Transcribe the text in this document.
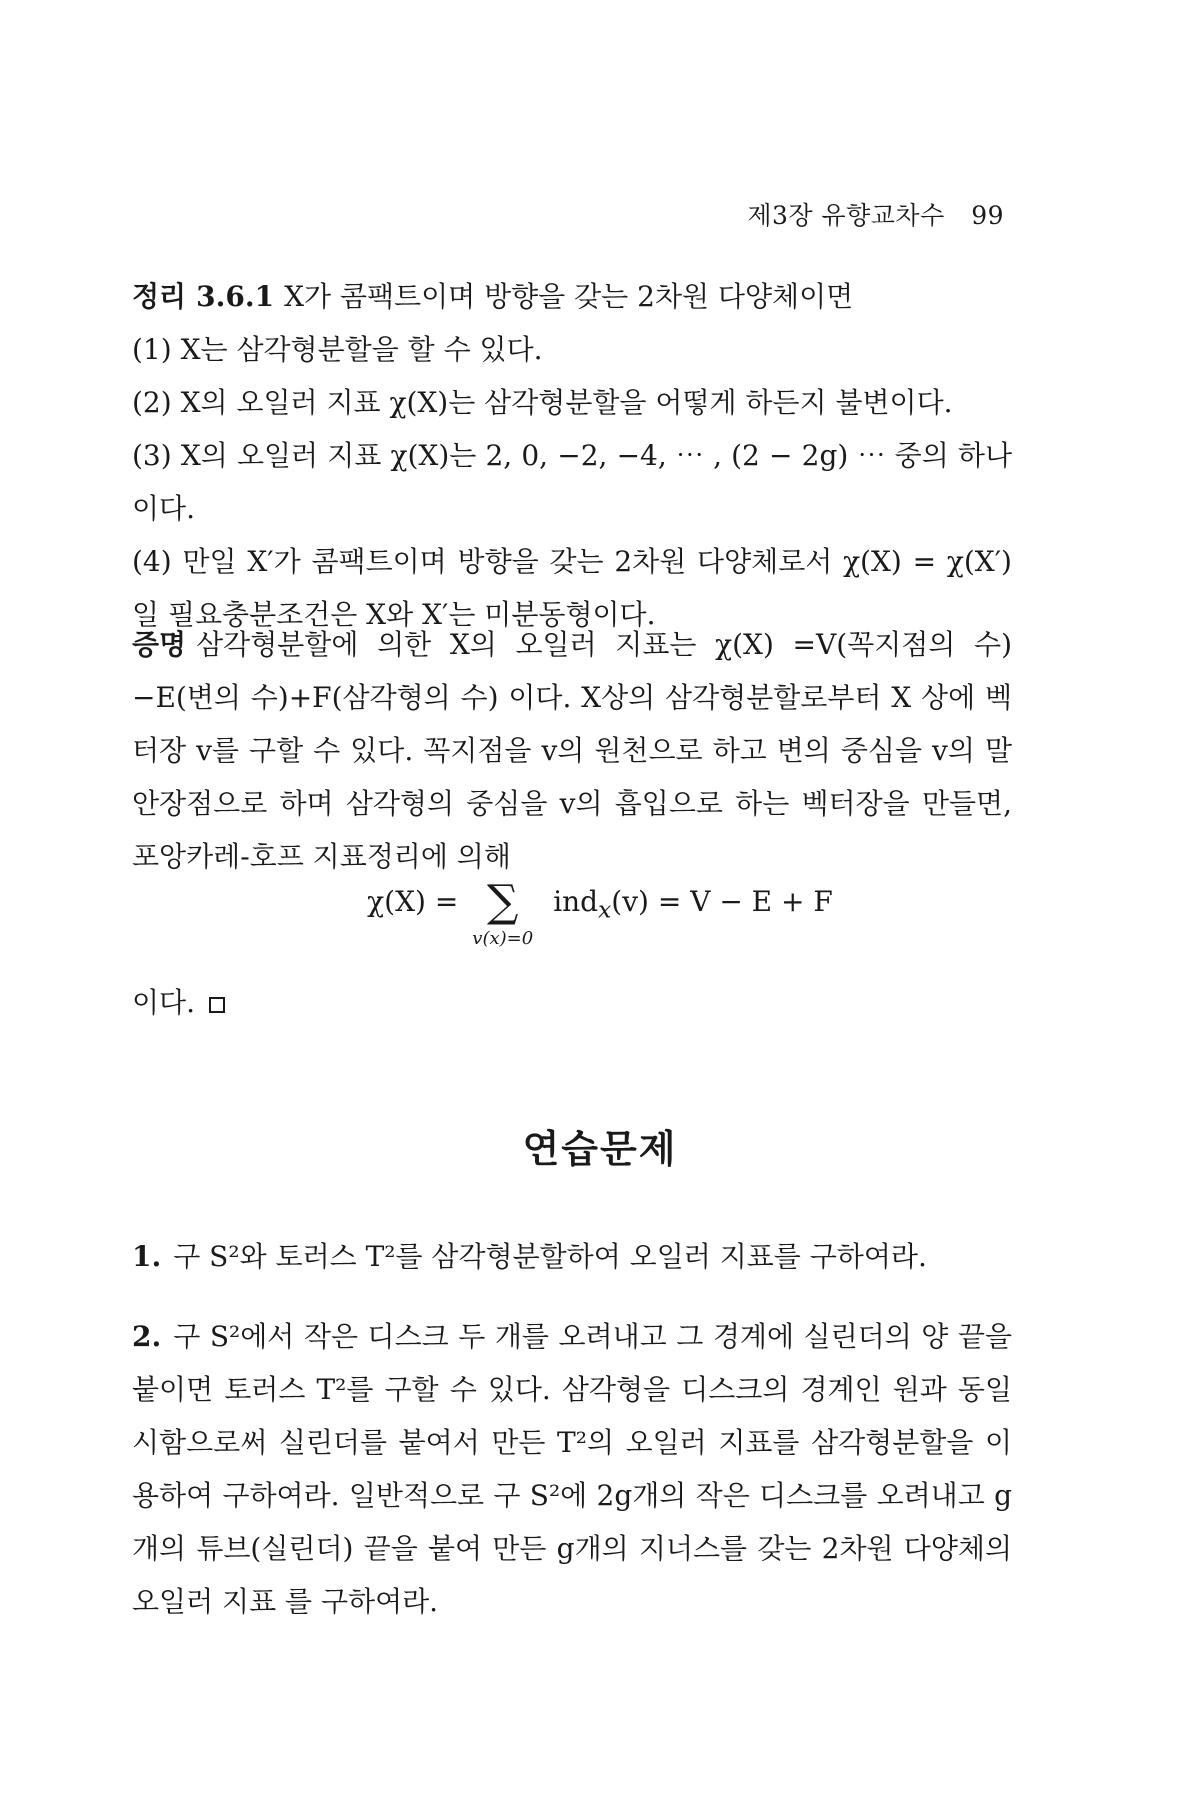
제3장 유향교차수 99

정리 3.6.1 X가 콤팩트이며 방향을 갖는 2차원 다양체이면

(1) X는 삼각형분할을 할 수 있다.

(2) X의 오일러 지표 χ(X)는 삼각형분할을 어떻게 하든지 불변이다.

(3) X의 오일러 지표 χ(X)는 2, 0, −2, −4, ⋯ , (2 − 2g) ⋯ 중의 하나이다.

(4) 만일 X′가 콤팩트이며 방향을 갖는 2차원 다양체로서 χ(X) = χ(X′)일 필요충분조건은 X와 X′는 미분동형이다.

증명 삼각형분할에 의한 X의 오일러 지표는 χ(X) =V(꼭지점의 수)−E(변의 수)+F(삼각형의 수) 이다. X상의 삼각형분할로부터 X 상에 벡터장 v를 구할 수 있다. 꼭지점을 v의 원천으로 하고 변의 중심을 v의 말안장점으로 하며 삼각형의 중심을 v의 흡입으로 하는 벡터장을 만들면, 포앙카레-호프 지표정리에 의해

χ(X) = ∑
v(x)=0
ind$_x$(v) = V − E + F
이다.
연습문제
1. 구 S²와 토러스 T²를 삼각형분할하여 오일러 지표를 구하여라.
2. 구 S²에서 작은 디스크 두 개를 오려내고 그 경계에 실린더의 양 끝을 붙이면 토러스 T²를 구할 수 있다. 삼각형을 디스크의 경계인 원과 동일시함으로써 실린더를 붙여서 만든 T²의 오일러 지표를 삼각형분할을 이용하여 구하여라. 일반적으로 구 S²에 2g개의 작은 디스크를 오려내고 g개의 튜브(실린더) 끝을 붙여 만든 g개의 지너스를 갖는 2차원 다양체의 오일러 지표 를 구하여라.
